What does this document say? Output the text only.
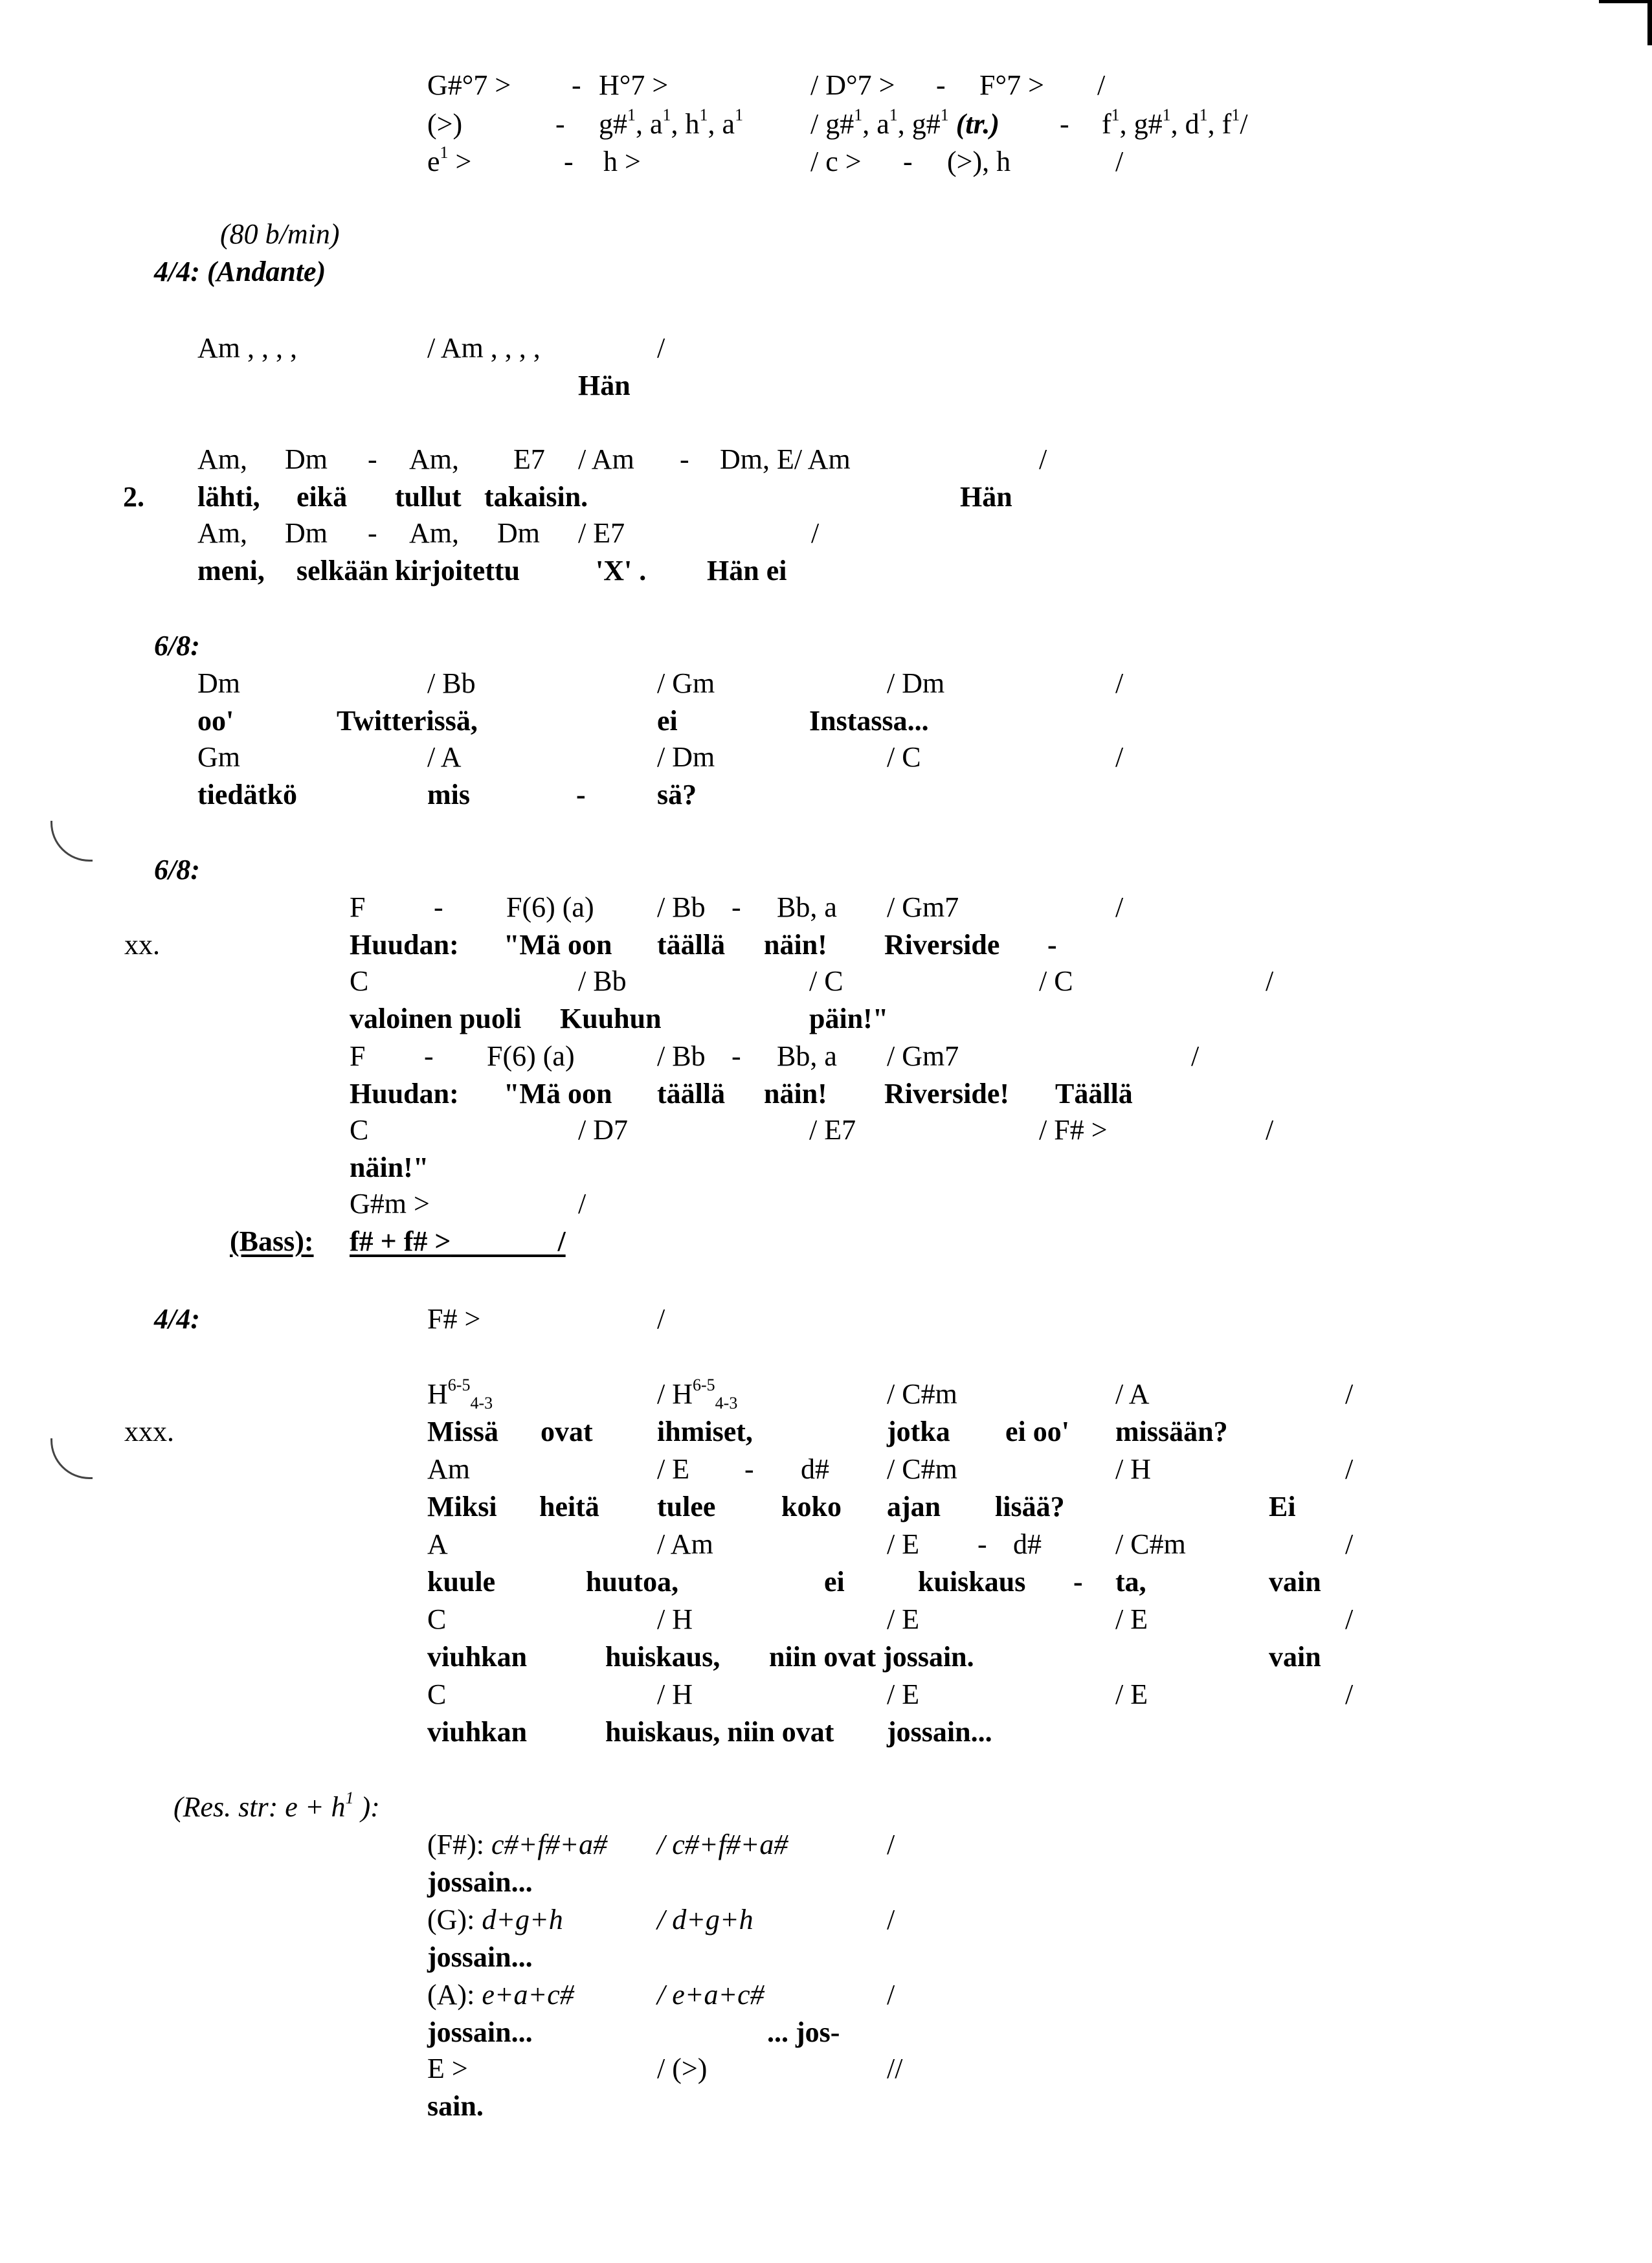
G#°7 > - H°7 >	/ D°7 > - F°7 > /
(>)	- g#$^1$, $a^1$, $h^1$, $a^1$ / g#$^1$, $a^1$, g#$^1$ $(tr.) - f^1$, g#$^1$, $d^1$, $f^1/$
$e^1$ >	- h >	/ c > - (>), h	/
(80 b/min)
4/4: (Andante)
Am , , , ,	/ Am , , , ,	/
Hän
Am, Dm - Am, E7 / Am - Dm, E/ Am	/
2. lähti, eikä tullut takaisin.	Hän
Am, Dm - Am, Dm / E7	/
meni, selkään kirjoitettu	'X' . Hän ei
6/8:
Dm	/ Bb	/ Gm	/ Dm	/
oo'	Twitterissä,	ei	Instassa...
Gm	/ A	/ Dm	/ C	/
tiedätkö	mis	-	sä?
6/8:
F - F(6) (a) / Bb - Bb, a / Gm7	/
xx.	Huudan: "Mä oon täällä näin! Riverside -
C	/ Bb	/ C	/ C	/
valoinen puoli Kuuhun	päin!"
F - F(6) (a)	/ Bb - Bb, a / Gm7	/
Huudan: "Mä oon täällä näin! Riverside! Täällä
C	/ D7	/ E7	/ F# >	/
näin!"
G#m >	/
(Bass): f# + f# >	/
4/4:	F# >	/
$H^{6-5}_{4-3}$	/ $H^{6-5}_{4-3}$	/ C#m	/ A	/
xxx.	Missä ovat ihmiset,	jotka ei oo' missään?
Am	/ E - d# / C#m	/ H	/
Miksi heitä tulee koko ajan lisää?	Ei
A	/ Am	/ E - d#	/ C#m	/
kuule	huutoa,	ei	kuiskaus - ta,	vain
C	/ H	/ E	/ E	/
viuhkan	huiskaus, niin ovat jossain.	vain
C	/ H	/ E	/ E	/
viuhkan	huiskaus, niin ovat jossain...
(Res. str: $e + h^1$ ):
(F#): c#+f#+a# / c#+f#+a#	/
jossain...
(G): d+g+h	/ d+g+h	/
jossain...
(A): e+a+c#	/ e+a+c#	/
jossain...	... jos-
E >	/ (>)	//
sain.
